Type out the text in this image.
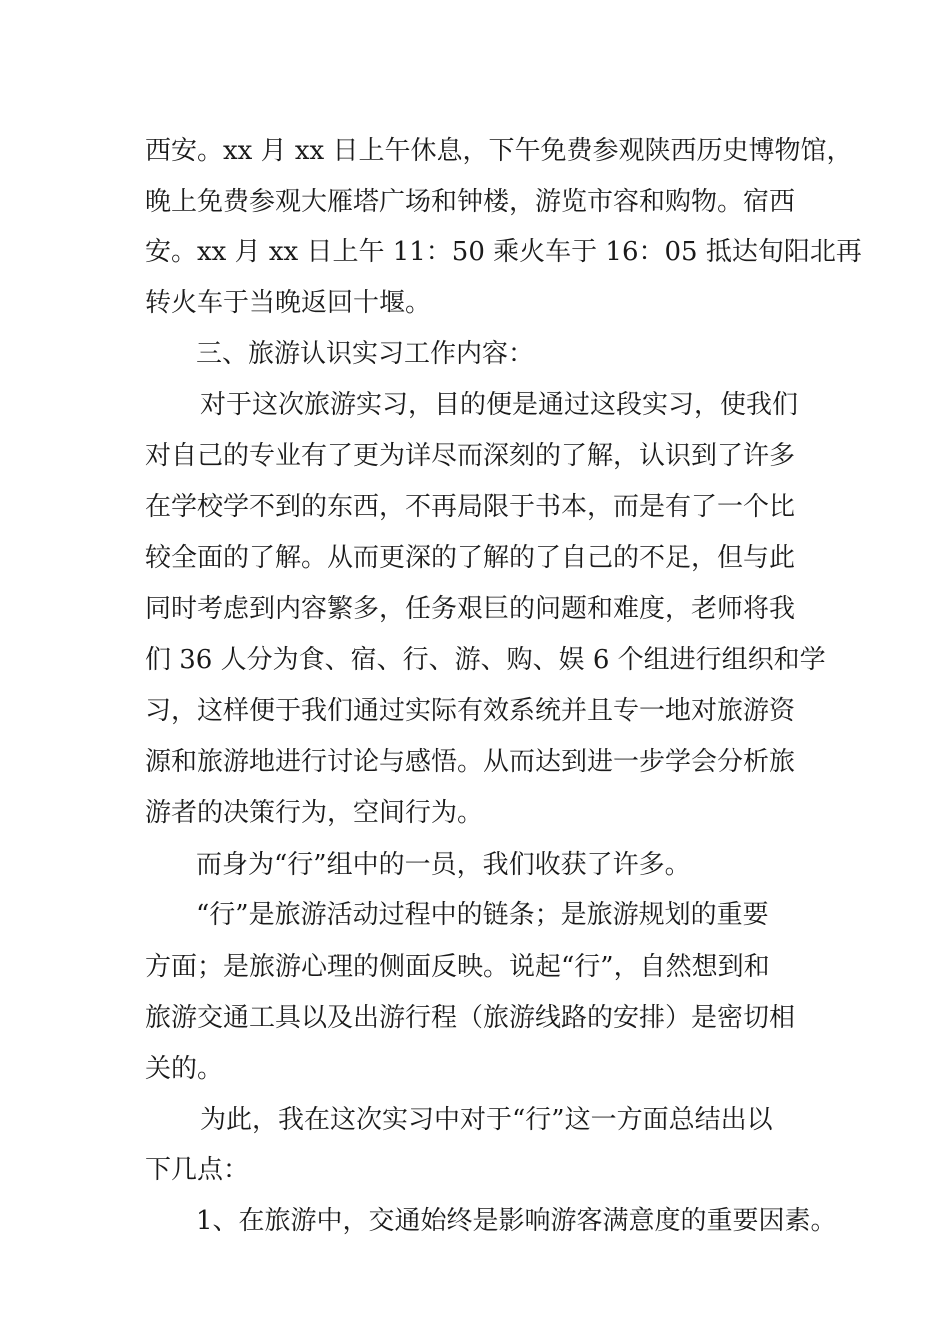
西安。xx 月 xx 日上午休息，下午免费参观陕西历史博物馆，
晚上免费参观大雁塔广场和钟楼，游览市容和购物。宿西
安。xx 月 xx 日上午 11：50 乘火车于 16：05 抵达旬阳北再
转火车于当晚返回十堰。
三、旅游认识实习工作内容：
对于这次旅游实习，目的便是通过这段实习，使我们
对自己的专业有了更为详尽而深刻的了解，认识到了许多
在学校学不到的东西，不再局限于书本，而是有了一个比
较全面的了解。从而更深的了解的了自己的不足，但与此
同时考虑到内容繁多，任务艰巨的问题和难度，老师将我
们 36 人分为食、宿、行、游、购、娱 6 个组进行组织和学
习，这样便于我们通过实际有效系统并且专一地对旅游资
源和旅游地进行讨论与感悟。从而达到进一步学会分析旅
游者的决策行为，空间行为。
而身为“行”组中的一员，我们收获了许多。
“行”是旅游活动过程中的链条；是旅游规划的重要
方面；是旅游心理的侧面反映。说起“行”，自然想到和
旅游交通工具以及出游行程（旅游线路的安排）是密切相
关的。
为此，我在这次实习中对于“行”这一方面总结出以
下几点：
1、在旅游中，交通始终是影响游客满意度的重要因素。
